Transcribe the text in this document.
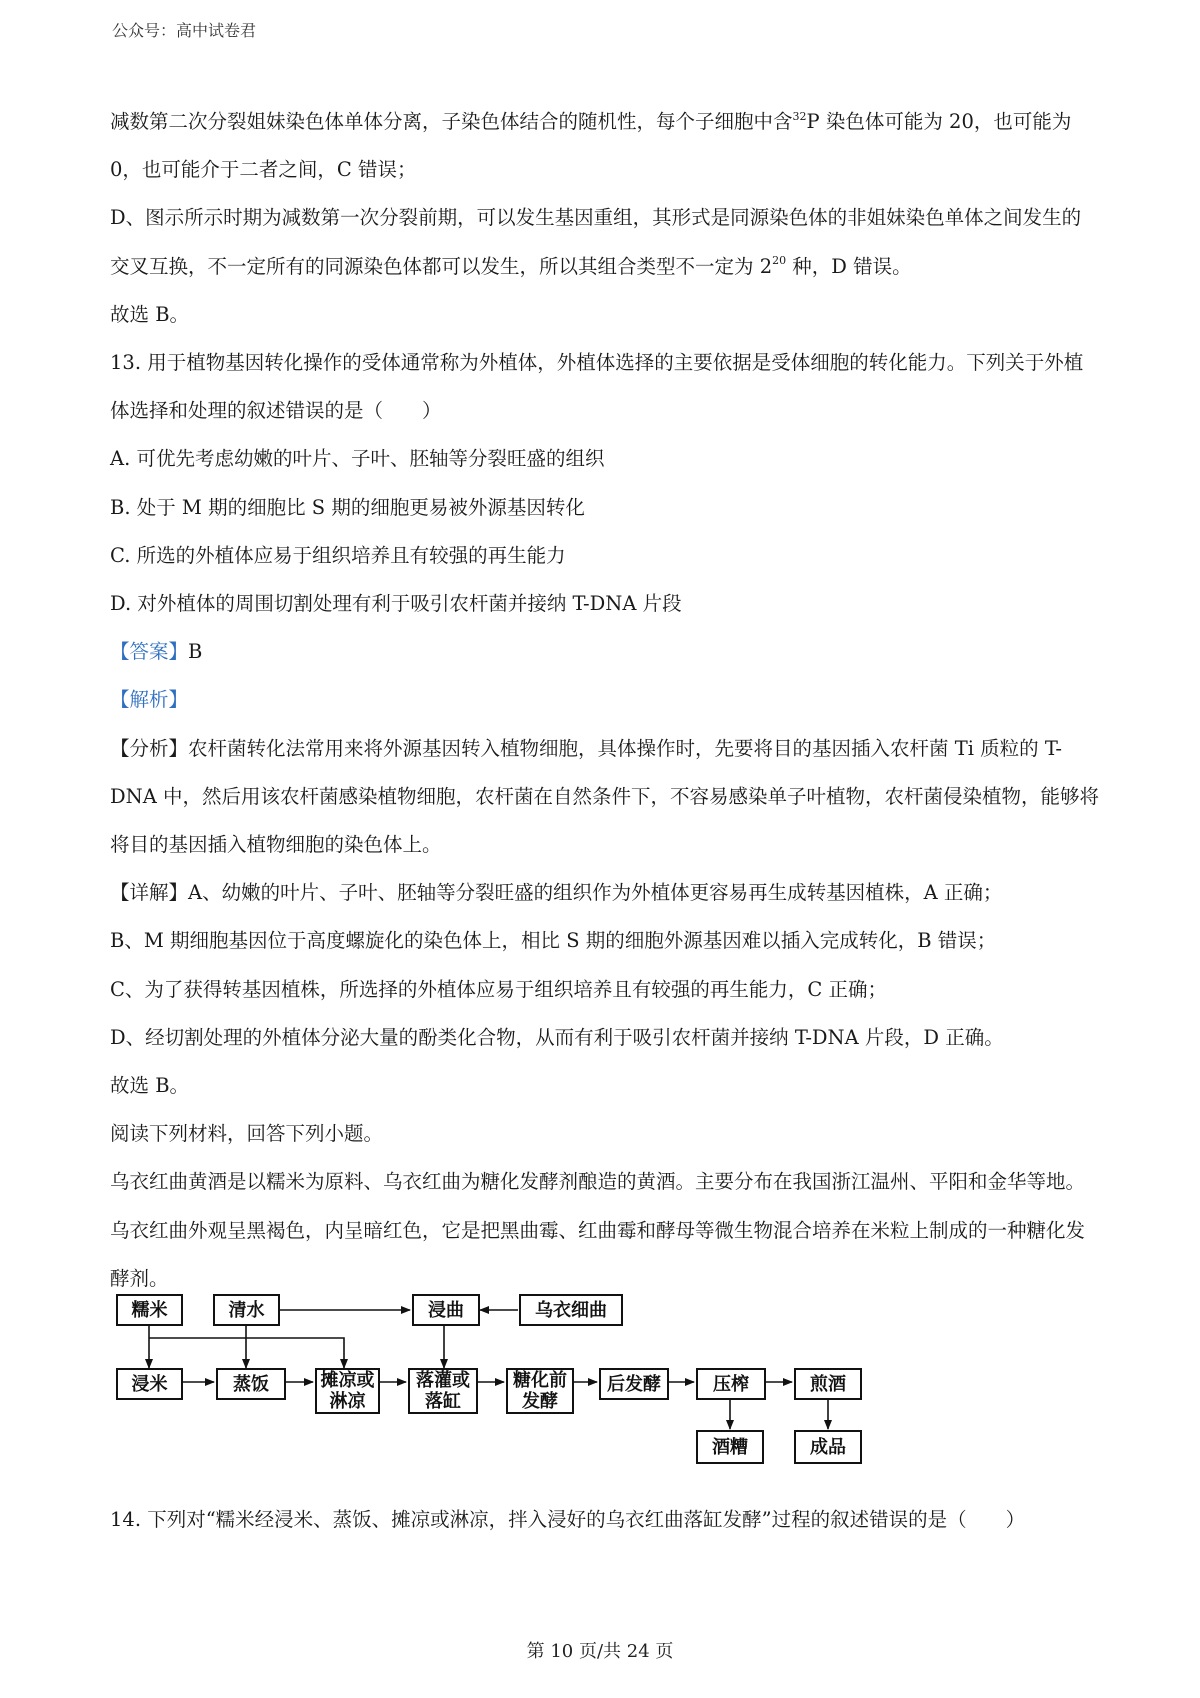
公众号：高中试卷君

减数第二次分裂姐妹染色体单体分离，子染色体结合的随机性，每个子细胞中含$^{32}$P 染色体可能为 20，也可能为 0，也可能介于二者之间，C 错误；

D、图示所示时期为减数第一次分裂前期，可以发生基因重组，其形式是同源染色体的非姐妹染色单体之间发生的交叉互换，不一定所有的同源染色体都可以发生，所以其组合类型不一定为 $2^{20}$ 种，D 错误。

故选 B。

13. 用于植物基因转化操作的受体通常称为外植体，外植体选择的主要依据是受体细胞的转化能力。下列关于外植体选择和处理的叙述错误的是（　　）

A. 可优先考虑幼嫩的叶片、子叶、胚轴等分裂旺盛的组织

B. 处于 M 期的细胞比 S 期的细胞更易被外源基因转化

C. 所选的外植体应易于组织培养且有较强的再生能力

D. 对外植体的周围切割处理有利于吸引农杆菌并接纳 T-DNA 片段

【答案】B

【解析】

【分析】农杆菌转化法常用来将外源基因转入植物细胞，具体操作时，先要将目的基因插入农杆菌 Ti 质粒的 T-DNA 中，然后用该农杆菌感染植物细胞，农杆菌在自然条件下，不容易感染单子叶植物，农杆菌侵染植物，能够将将目的基因插入植物细胞的染色体上。

【详解】A、幼嫩的叶片、子叶、胚轴等分裂旺盛的组织作为外植体更容易再生成转基因植株，A 正确；

B、M 期细胞基因位于高度螺旋化的染色体上，相比 S 期的细胞外源基因难以插入完成转化，B 错误；

C、为了获得转基因植株，所选择的外植体应易于组织培养且有较强的再生能力，C 正确；

D、经切割处理的外植体分泌大量的酚类化合物，从而有利于吸引农杆菌并接纳 T-DNA 片段，D 正确。

故选 B。

阅读下列材料，回答下列小题。

乌衣红曲黄酒是以糯米为原料、乌衣红曲为糖化发酵剂酿造的黄酒。主要分布在我国浙江温州、平阳和金华等地。乌衣红曲外观呈黑褐色，内呈暗红色，它是把黑曲霉、红曲霉和酵母等微生物混合培养在米粒上制成的一种糖化发酵剂。

糯米	清水	浸曲	乌衣细曲
浸米	蒸饭	摊凉或
淋凉
落灌或
落缸
糖化前
发酵
后发酵	压榨	煎酒
酒糟	成品

14. 下列对“糯米经浸米、蒸饭、摊凉或淋凉，拌入浸好的乌衣红曲落缸发酵”过程的叙述错误的是（　　）

第 10 页/共 24 页
